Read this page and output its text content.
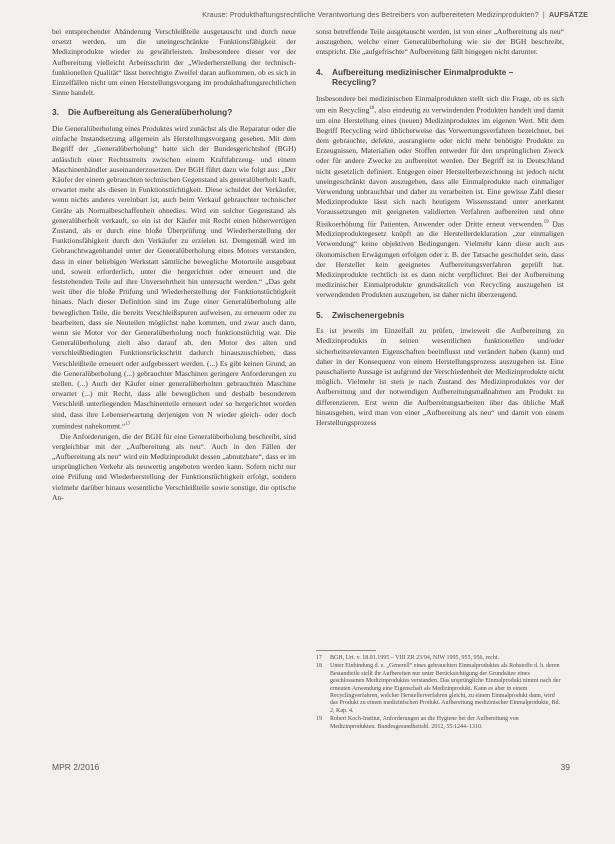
Krause: Produkthaftungsrechtliche Verantwortung des Betreibers von aufbereiteten Medizinprodukten? | AUFSÄTZE

bei entsprechender Abänderung Verschleißteile ausgetauscht und durch neue ersetzt werden, um die uneingeschränkte Funktionsfähigkeit der Medizinprodukte wieder zu gewährleisten. Insbesondere dieser vor der Aufbereitung vielleicht Arbeitsschritt der „Wiederherstellung der technisch-funktionellen Qualität“ lässt berechtigte Zweifel daran aufkommen, ob es sich in Einzelfällen nicht um einen Herstellungsvorgang im produkthaftungsrechtlichen Sinne handelt.

3. Die Aufbereitung als Generalüberholung?

Die Generalüberholung eines Produktes wird zunächst als die Reparatur oder die einfache Instandsetzung allgemein als Herstellungsvorgang gesehen. Mit dem Begriff der „Generalüberholung“ hatte sich der Bundesgerichtshof (BGH) anlässlich einer Rechtsstreits zwischen einem Kraftfahrzeug- und einem Maschinenhändler auseinanderzusetzen. Der BGH führt dazu wie folgt aus: „Der Käufer der einem gebrauchten technischen Gegenstand als generalüberholt kauft, erwartet mehr als diesen in Funktionstüchtigkeit. Diese schuldet der Verkäufer, wenn nichts anderes vereinbart ist, auch beim Verkauf gebrauchter technischer Geräte als Normalbeschaffenheit ohnedies. Wird ein solcher Gegenstand als generalüberholt verkauft, so ein ist der Käufer mit Recht einen höherwertigen Zustand, als er durch eine bloße Überprüfung und Wiederherstellung der Funktionsfähigkeit durch den Verkäufer zu erzielen ist. Demgemäß wird im Gebrauchtwagenhandel unter der Generalüberholung eines Motors verstanden, dass in einer beliebigen Werkstatt sämtliche bewegliche Motorteile ausgebaut und, soweit erforderlich, unter die hergerichtet oder erneuert und die feststehenden Teile auf ihre Unversehrtheit hin untersucht werden.“ „Das geht weit über die bloße Prüfung und Wiederherstellung der Funktionstüchtigkeit hinaus. Nach dieser Definition sind im Zuge einer Generalüberholung alle beweglichen Teile, die bereits Verschleißspuren aufweisen, zu erneuern oder zu bearbeiten, dass sie Neuteilen möglichst nahe kommen, und zwar auch dann, wenn sie Motor vor der Generalüberholung noch funktionstüchtig war. Die Generalüberholung zielt also darauf ab, den Motor des alten und verschleißbedingten Funktionsrückschritt dadurch hinauszuschieben, dass Verschleißteile erneuert oder aufgebessert werden. (...) Es gibt keinen Grund, an die Generalüberholung (...) gebrauchter Maschinen geringere Anforderungen zu stellen. (...) Auch der Käufer einer generalüberholten gebrauchten Maschine erwartet (...) mit Recht, dass alle beweglichen und deshalb besonderem Verschleiß unterliegenden Maschinenteile erneuert oder so hergerichtet worden sind, dass ihre Lebenserwartung derjenigen von N wieder gleich- oder doch zumindest nahekommt.“$^{17}$

Die Anforderungen, die der BGH für eine Generalüberholung beschreibt, sind vergleichbar mit der „Aufbereitung als neu“. Auch in den Fällen der „Aufbereitung als neu“ wird ein Medizinprodukt dessen „abnutzbare“, dass er im ursprünglichen Verkehr als neuwertig angeboten werden kann. Sofern nicht nur eine Prüfung und Wiederherstellung der Funktionstüchtigkeit erfolgt, sondern vielmehr darüber hinaus wesentliche Verschleißteile sowie sonstige, die optische An-

sonst betreffende Teile ausgetauscht werden, ist von einer „Aufbereitung als neu“ auszugehen, welche einer Generalüberholung wie sie der BGH beschreibt, entspricht. Die „aufgefrischte“ Aufbereitung fällt hingegen nicht darunter.

4. Aufbereitung medizinischer Einmalprodukte –
Recycling?

Insbesondere bei medizinischen Einmalprodukten stellt sich die Frage, ob es sich um ein Recycling$^{18}$, also eindeutig zu verwindenden Produkten handelt und damit um eine Herstellung eines (neuen) Medizinproduktes im eigenen Wert. Mit dem Begriff Recycling wird üblicherweise das Verwertungsverfahren bezeichnet, bei dem gebrauchte, defekte, ausrangierte oder nicht mehr benötigte Produkte zu Erzeugnissen, Materialien oder Stoffen entweder für den ursprünglichen Zweck oder für andere Zwecke zu aufbereitet werden. Der Begriff ist in Deutschland nicht gesetzlich definiert. Entgegen einer Herstellerbezeichnung ist jedoch nicht uneingeschränkt davon auszugehen, dass alle Einmalprodukte nach einmaliger Verwendung unbrauchbar und daher zu verarbeiten ist. Eine gewisse Zahl dieser Medizinprodukte lässt sich nach heutigem Wissensstand unter anerkannt Voraussetzungen mit geeigneten validierten Verfahren aufbereiten und ohne Risikoerhöhung für Patienten, Anwender oder Dritte erneut verwenden.$^{19}$ Das Medizinproduktegesetz knüpft an die Herstellerdeklaration „zur einmaligen Verwendung“ keine objektiven Bedingungen. Vielmehr kann diese auch aus ökonomischen Erwägungen erfolgen oder z. B. der Tatsache geschuldet sein, dass der Hersteller kein geeignetes Aufbereitungsverfahren geprüft hat. Medizinprodukte rechtlich ist es dann nicht verpflichtet. Bei der Aufbereitung medizinischer Einmalprodukte grundsätzlich von Recycling auszugehen ist verwendenden Produkten auszugehen, ist daher nicht überzeugend.

5. Zwischenergebnis

Es ist jeweils im Einzelfall zu prüfen, inwieweit die Aufbereitung zu Medizinprodukts in seinen wesentlichen funktionellen und/oder sicherheitsrelevanten Eigenschaften beeinflusst und verändert haben (kann) und daher in der Konsequenz von einem Herstellungsprozess auszugehen ist. Eine pauschalierte Aussage ist aufgrund der Verschiedenheit der Medizinprodukte nicht möglich. Vielmehr ist stets je nach Zustand des Medizinproduktes vor der Aufbereitung und der notwendigen Aufbereitungsmaßnahmen am Produkt zu differenzieren. Erst wenn die Aufbereitungsarbeiten über das übliche Maß hinausgehen, wird man von einer „Aufbereitung als neu“ und damit von einem Herstellungsprozess

17	BGH, Urt. v. 18.01.1995 – VIII ZR 23/94, NJW 1995, 955, 956, recht.
18	Unter Einbindung d. e. „Generell“ eines gebrauchten Einmalproduktes als Rohstoffe d. h. deren Bestandteile stellt ihr Aufbereiten nur unter Berücksichtigung der Grundsätze eines geschlossenen Medizinproduktes verstanden. Das ursprüngliche Einmalprodukt nimmt nach der erneuten Anwendung eine Eigenschaft als Medizinprodukt. Kann es aber in einem Recyclingverfahren, welcher Herstellerverfahren gleicht, zu einem Einmalprodukt dann, wird das Produkt zu einem medizinischen Produkt. Aufbereitung medizinischer Einmalprodukte, Bd. 2, Kap. 4.
19	Robert Koch-Institut, Anforderungen an die Hygiene bei der Aufbereitung von Medizinprodukten. Bundesgesundheitsbl. 2012, 55:1244–1310.
MPR 2/2016	39
